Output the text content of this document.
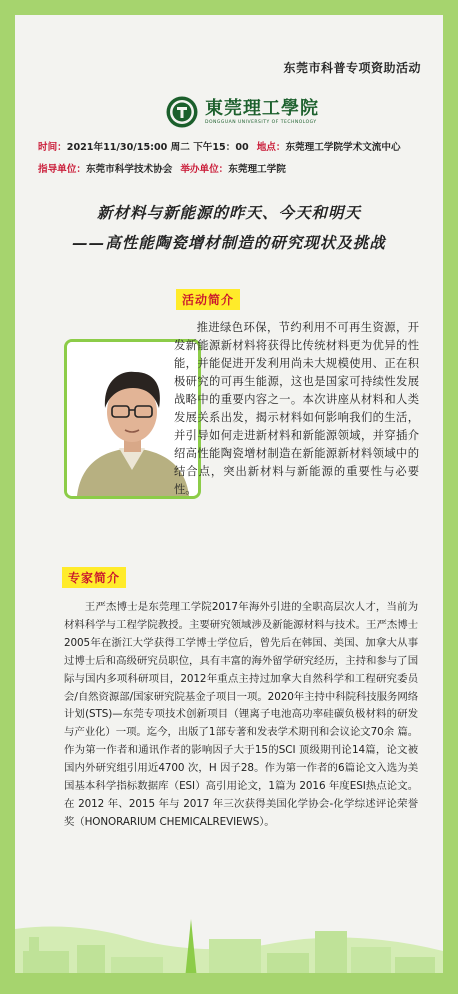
东莞市科普专项资助活动
東莞理工學院
DONGGUAN UNIVERSITY OF TECHNOLOGY
时间：2021年11/30/15:00 周二 下午15：00 地点：东莞理工学院学术文流中心
指导单位：东莞市科学技术协会 举办单位：东莞理工学院
新材料与新能源的昨天、今天和明天
——高性能陶瓷增材制造的研究现状及挑战
活动简介

推进绿色环保，节约利用不可再生资源，开发新能源新材料将获得比传统材料更为优异的性能，并能促进开发利用尚未大规模使用、正在积极研究的可再生能源，这也是国家可持续性发展战略中的重要内容之一。本次讲座从材料和人类发展关系出发，揭示材料如何影响我们的生活，并引导如何走进新材料和新能源领域，并穿插介绍高性能陶瓷增材制造在新能源新材料领域中的结合点，突出新材料与新能源的重要性与必要性。

专家简介

王严杰博士是东莞理工学院2017年海外引进的全职高层次人才，当前为材料科学与工程学院教授。主要研究领域涉及新能源材料与技术。王严杰博士2005年在浙江大学获得工学博士学位后，曾先后在韩国、美国、加拿大从事过博士后和高级研究员职位，具有丰富的海外留学研究经历，主持和参与了国际与国内多项科研项目，2012年重点主持过加拿大自然科学和工程研究委员会/自然资源部/国家研究院基金子项目一项。2020年主持中科院科技服务网络计划(STS)—东莞专项技术创新项目（锂离子电池高功率硅碳负极材料的研发与产业化）一项。迄今，出版了1部专著和发表学术期刊和会议论文70余 篇。作为第一作者和通讯作者的影响因子大于15的SCI 顶级期刊论14篇，论文被国内外研究组引用近4700 次，H 因子28。作为第一作者的6篇论文入选为美国基本科学指标数据库（ESI）高引用论文，1篇为 2016 年度ESI热点论文。在 2012 年、2015 年与 2017 年三次获得美国化学协会-化学综述评论荣誉奖（HONORARIUM CHEMICALREVIEWS）。
